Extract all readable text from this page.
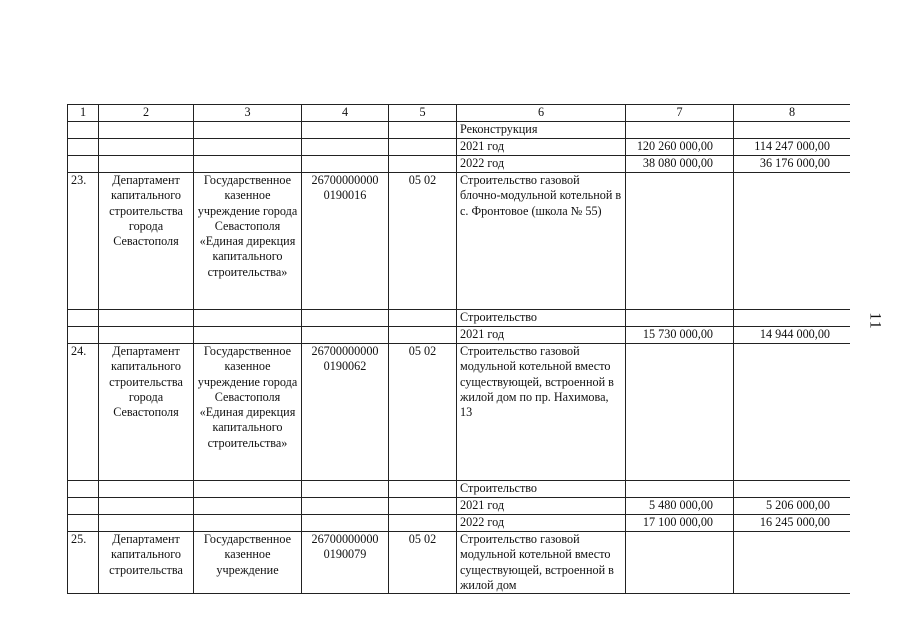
11
1	2	3	4	5	6	7	8
					Реконструкция		
					2021 год	120 260 000,00	114 247 000,00
					2022 год	38 080 000,00	36 176 000,00
23.	Департамент капитального строительства города Севастополя	Государственное казенное учреждение города Севастополя «Единая дирекция капитального строительства»	26700000000 0190016	05 02	Строительство газовой блочно-модульной котельной в с. Фронтовое (школа № 55)		
					Строительство		
					2021 год	15 730 000,00	14 944 000,00
24.	Департамент капитального строительства города Севастополя	Государственное казенное учреждение города Севастополя «Единая дирекция капитального строительства»	26700000000 0190062	05 02	Строительство газовой модульной котельной вместо существующей, встроенной в жилой дом по пр. Нахимова, 13		
					Строительство		
					2021 год	5 480 000,00	5 206 000,00
					2022 год	17 100 000,00	16 245 000,00
25.	Департамент капитального строительства	Государственное казенное учреждение	26700000000 0190079	05 02	Строительство газовой модульной котельной вместо существующей, встроенной в жилой дом		
